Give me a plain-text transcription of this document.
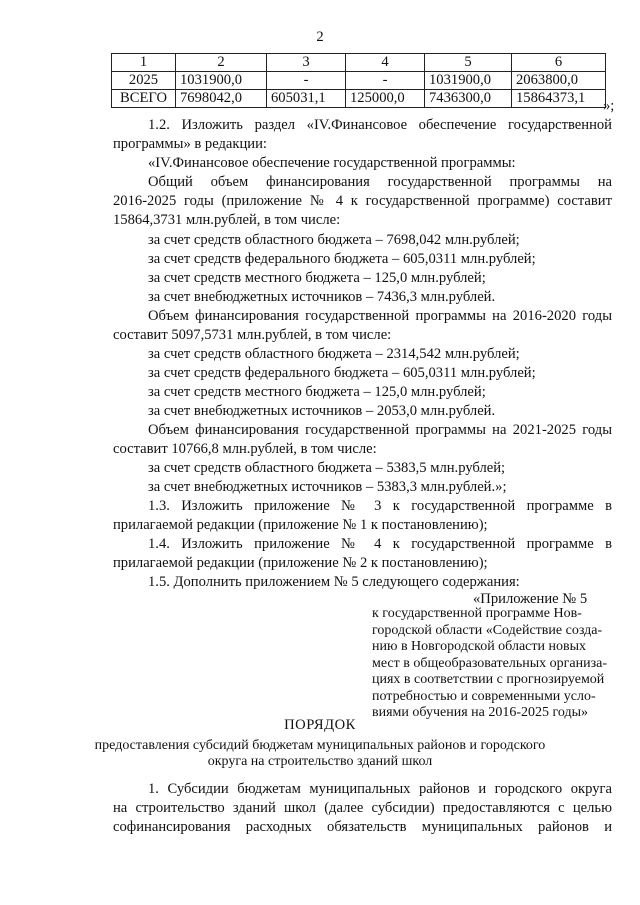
2
1	2	3	4	5	6
2025	1031900,0	-	-	1031900,0	2063800,0
ВСЕГО	7698042,0	605031,1	125000,0	7436300,0	15864373,1 »;
1.2. Изложить раздел «IV.Финансовое обеспечение государственной
программы» в редакции:
«IV.Финансовое обеспечение государственной программы:
Общий объем финансирования государственной программы на
2016-2025 годы (приложение № 4 к государственной программе) составит
15864,3731 млн.рублей, в том числе:
за счет средств областного бюджета – 7698,042 млн.рублей;
за счет средств федерального бюджета – 605,0311 млн.рублей;
за счет средств местного бюджета – 125,0 млн.рублей;
за счет внебюджетных источников – 7436,3 млн.рублей.
Объем финансирования государственной программы на 2016-2020 годы
составит 5097,5731 млн.рублей, в том числе:
за счет средств областного бюджета – 2314,542 млн.рублей;
за счет средств федерального бюджета – 605,0311 млн.рублей;
за счет средств местного бюджета – 125,0 млн.рублей;
за счет внебюджетных источников – 2053,0 млн.рублей.
Объем финансирования государственной программы на 2021-2025 годы
составит 10766,8 млн.рублей, в том числе:
за счет средств областного бюджета – 5383,5 млн.рублей;
за счет внебюджетных источников – 5383,3 млн.рублей.»;
1.3. Изложить приложение № 3 к государственной программе в
прилагаемой редакции (приложение № 1 к постановлению);
1.4. Изложить приложение № 4 к государственной программе в
прилагаемой редакции (приложение № 2 к постановлению);
1.5. Дополнить приложением № 5 следующего содержания:
«Приложение № 5
к государственной программе Нов-
городской области «Содействие созда-
нию в Новгородской области новых
мест в общеобразовательных организа-
циях в соответствии с прогнозируемой
потребностью и современными усло-
виями обучения на 2016-2025 годы»
ПОРЯДОК
предоставления субсидий бюджетам муниципальных районов и городского
округа на строительство зданий школ
1. Субсидии бюджетам муниципальных районов и городского округа
на строительство зданий школ (далее субсидии) предоставляются с целью
софинансирования расходных обязательств муниципальных районов и
